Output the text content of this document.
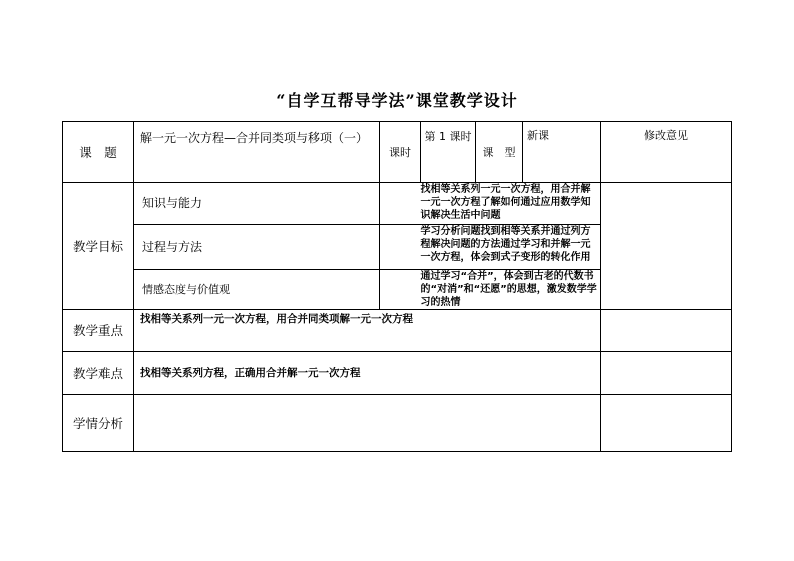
“自学互帮导学法”课堂教学设计
课　题	解一元一次方程—合并同类项与移项（一）	课时	第 1 课时	课　型	新课	修改意见
教学目标	知识与能力		找相等关系列一元一次方程，用合并解一元一次方程了解如何通过应用数学知识解决生活中问题			
	过程与方法		学习分析问题找到相等关系并通过列方程解决问题的方法通过学习和并解一元一次方程，体会到式子变形的转化作用			
	情感态度与价值观		通过学习“合并”，体会到古老的代数书的“对消”和“还愿”的思想，激发数学学习的热情			
教学重点	找相等关系列一元一次方程，用合并同类项解一元一次方程					
教学难点	找相等关系列方程，正确用合并解一元一次方程					
学情分析						
